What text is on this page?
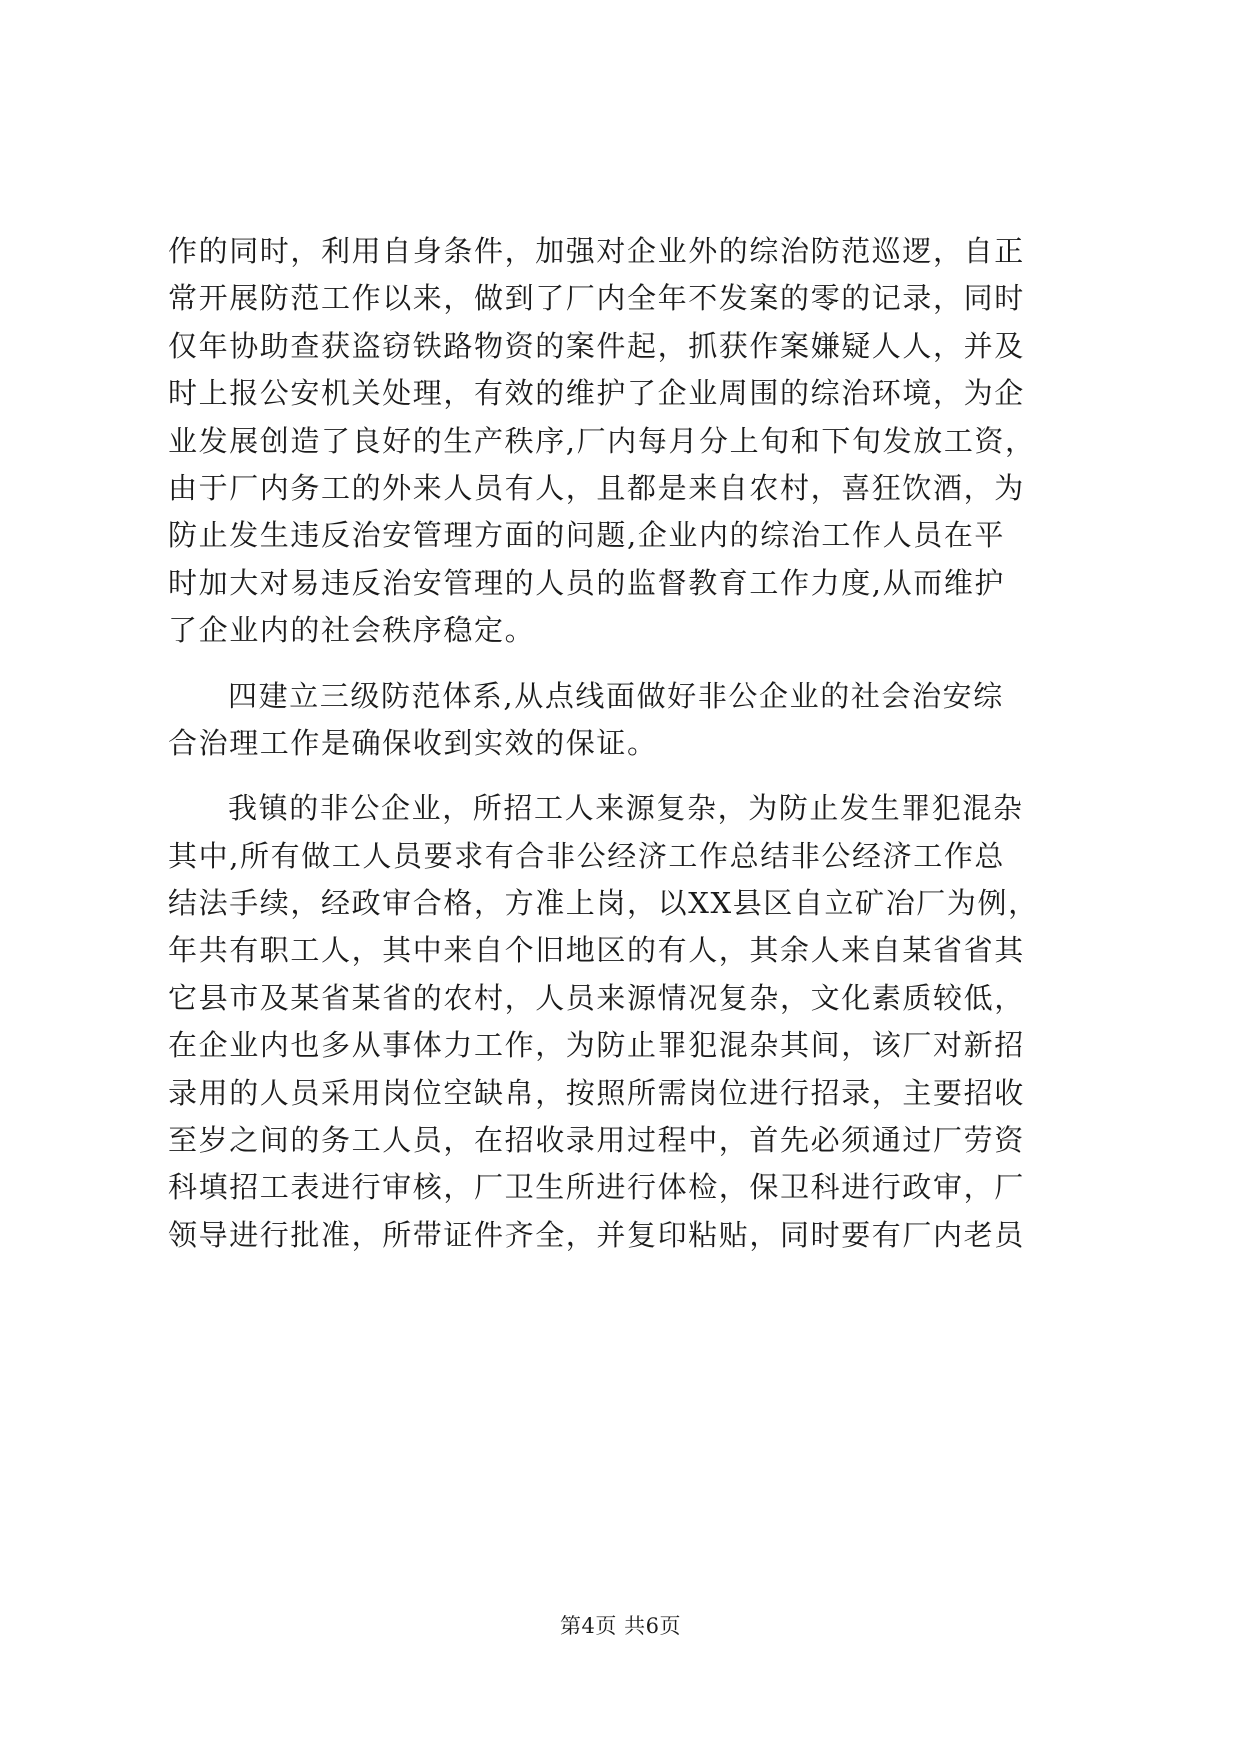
作的同时，利用自身条件，加强对企业外的综治防范巡逻，自正
常开展防范工作以来，做到了厂内全年不发案的零的记录，同时
仅年协助查获盗窃铁路物资的案件起，抓获作案嫌疑人人，并及
时上报公安机关处理，有效的维护了企业周围的综治环境，为企
业发展创造了良好的生产秩序,厂内每月分上旬和下旬发放工资，
由于厂内务工的外来人员有人，且都是来自农村，喜狂饮酒，为
防止发生违反治安管理方面的问题,企业内的综治工作人员在平
时加大对易违反治安管理的人员的监督教育工作力度,从而维护
了企业内的社会秩序稳定。
四建立三级防范体系,从点线面做好非公企业的社会治安综
合治理工作是确保收到实效的保证。
我镇的非公企业，所招工人来源复杂，为防止发生罪犯混杂
其中,所有做工人员要求有合非公经济工作总结非公经济工作总
结法手续，经政审合格，方准上岗，以XX县区自立矿冶厂为例，
年共有职工人，其中来自个旧地区的有人，其余人来自某省省其
它县市及某省某省的农村，人员来源情况复杂，文化素质较低，
在企业内也多从事体力工作，为防止罪犯混杂其间，该厂对新招
录用的人员采用岗位空缺帛，按照所需岗位进行招录，主要招收
至岁之间的务工人员，在招收录用过程中，首先必须通过厂劳资
科填招工表进行审核，厂卫生所进行体检，保卫科进行政审，厂
领导进行批准，所带证件齐全，并复印粘贴，同时要有厂内老员
第4页 共6页
